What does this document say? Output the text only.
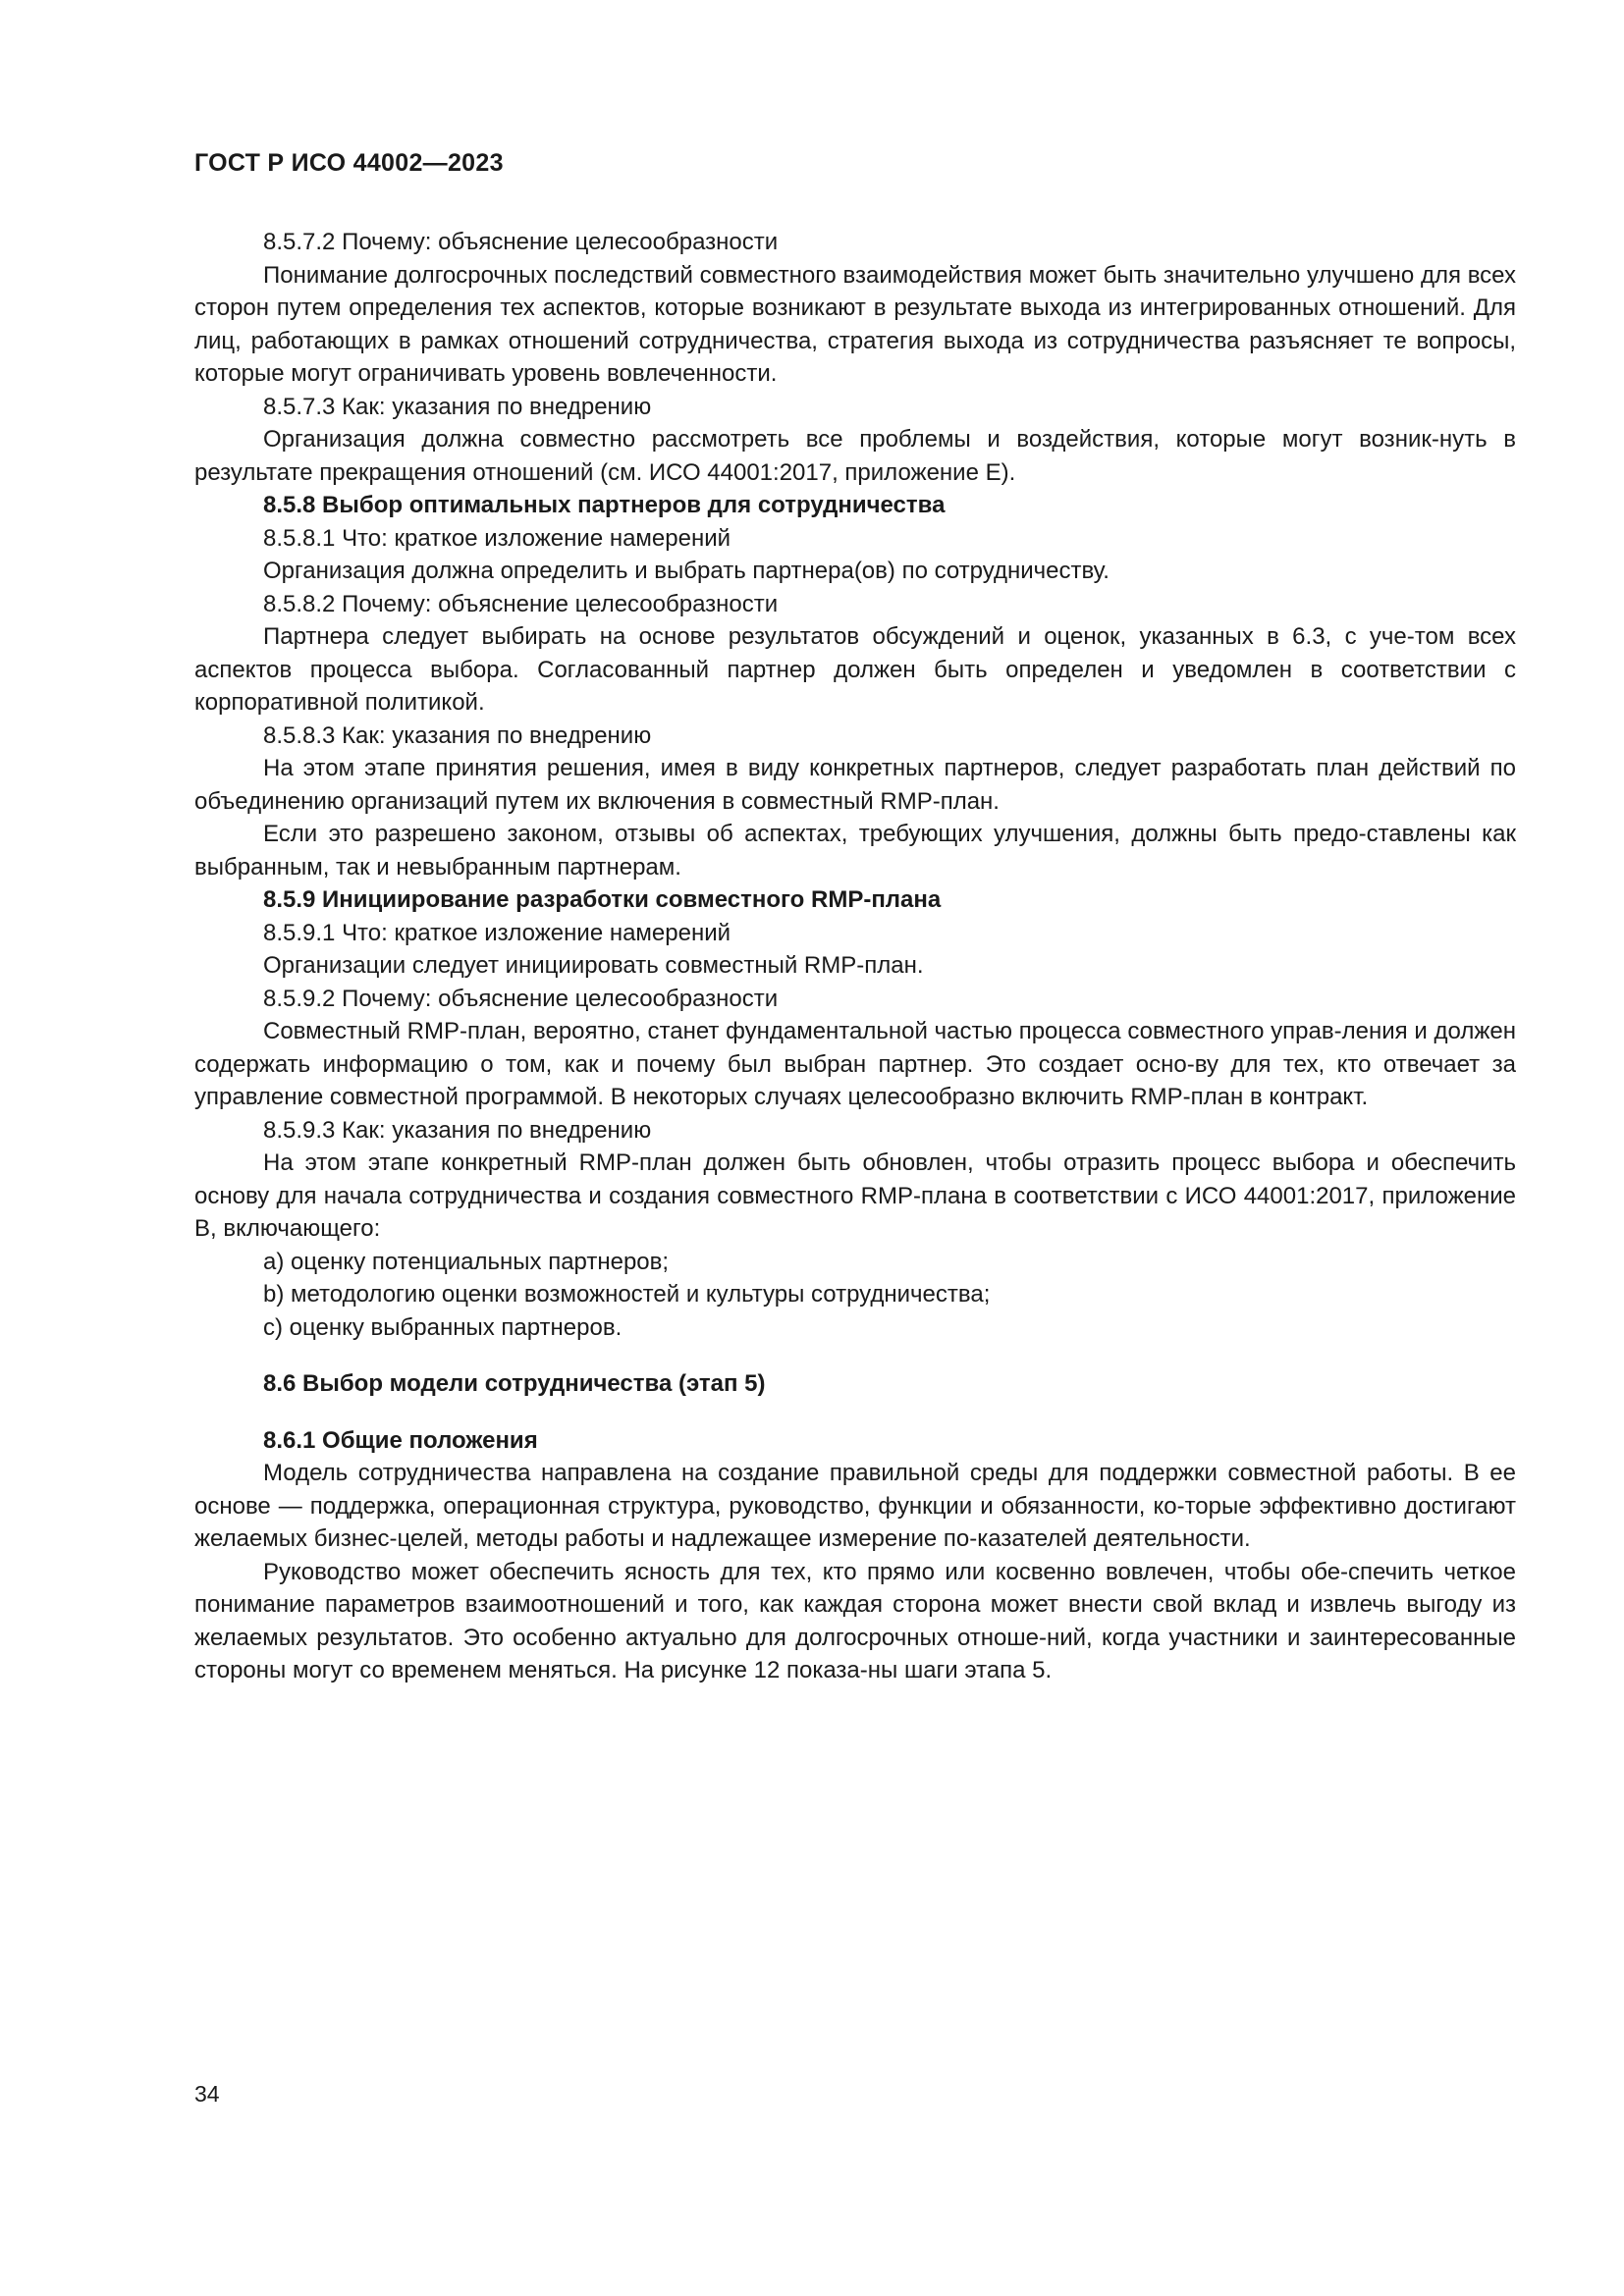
ГОСТ Р ИСО 44002—2023

8.5.7.2 Почему: объяснение целесообразности

Понимание долгосрочных последствий совместного взаимодействия может быть значительно улучшено для всех сторон путем определения тех аспектов, которые возникают в результате выхода из интегрированных отношений. Для лиц, работающих в рамках отношений сотрудничества, стратегия выхода из сотрудничества разъясняет те вопросы, которые могут ограничивать уровень вовлеченности.

8.5.7.3 Как: указания по внедрению

Организация должна совместно рассмотреть все проблемы и воздействия, которые могут возник-нуть в результате прекращения отношений (см. ИСО 44001:2017, приложение Е).

8.5.8 Выбор оптимальных партнеров для сотрудничества

8.5.8.1 Что: краткое изложение намерений

Организация должна определить и выбрать партнера(ов) по сотрудничеству.

8.5.8.2 Почему: объяснение целесообразности

Партнера следует выбирать на основе результатов обсуждений и оценок, указанных в 6.3, с уче-том всех аспектов процесса выбора. Согласованный партнер должен быть определен и уведомлен в соответствии с корпоративной политикой.

8.5.8.3 Как: указания по внедрению

На этом этапе принятия решения, имея в виду конкретных партнеров, следует разработать план действий по объединению организаций путем их включения в совместный RMP-план.

Если это разрешено законом, отзывы об аспектах, требующих улучшения, должны быть предо-ставлены как выбранным, так и невыбранным партнерам.

8.5.9 Инициирование разработки совместного RMP-плана

8.5.9.1 Что: краткое изложение намерений

Организации следует инициировать совместный RMP-план.

8.5.9.2 Почему: объяснение целесообразности

Совместный RMP-план, вероятно, станет фундаментальной частью процесса совместного управ-ления и должен содержать информацию о том, как и почему был выбран партнер. Это создает осно-ву для тех, кто отвечает за управление совместной программой. В некоторых случаях целесообразно включить RMP-план в контракт.

8.5.9.3 Как: указания по внедрению

На этом этапе конкретный RMP-план должен быть обновлен, чтобы отразить процесс выбора и обеспечить основу для начала сотрудничества и создания совместного RMP-плана в соответствии с ИСО 44001:2017, приложение B, включающего:

a) оценку потенциальных партнеров;

b) методологию оценки возможностей и культуры сотрудничества;

c) оценку выбранных партнеров.

8.6 Выбор модели сотрудничества (этап 5)

8.6.1 Общие положения

Модель сотрудничества направлена на создание правильной среды для поддержки совместной работы. В ее основе — поддержка, операционная структура, руководство, функции и обязанности, ко-торые эффективно достигают желаемых бизнес-целей, методы работы и надлежащее измерение по-казателей деятельности.

Руководство может обеспечить ясность для тех, кто прямо или косвенно вовлечен, чтобы обе-спечить четкое понимание параметров взаимоотношений и того, как каждая сторона может внести свой вклад и извлечь выгоду из желаемых результатов. Это особенно актуально для долгосрочных отноше-ний, когда участники и заинтересованные стороны могут со временем меняться. На рисунке 12 показа-ны шаги этапа 5.

34
